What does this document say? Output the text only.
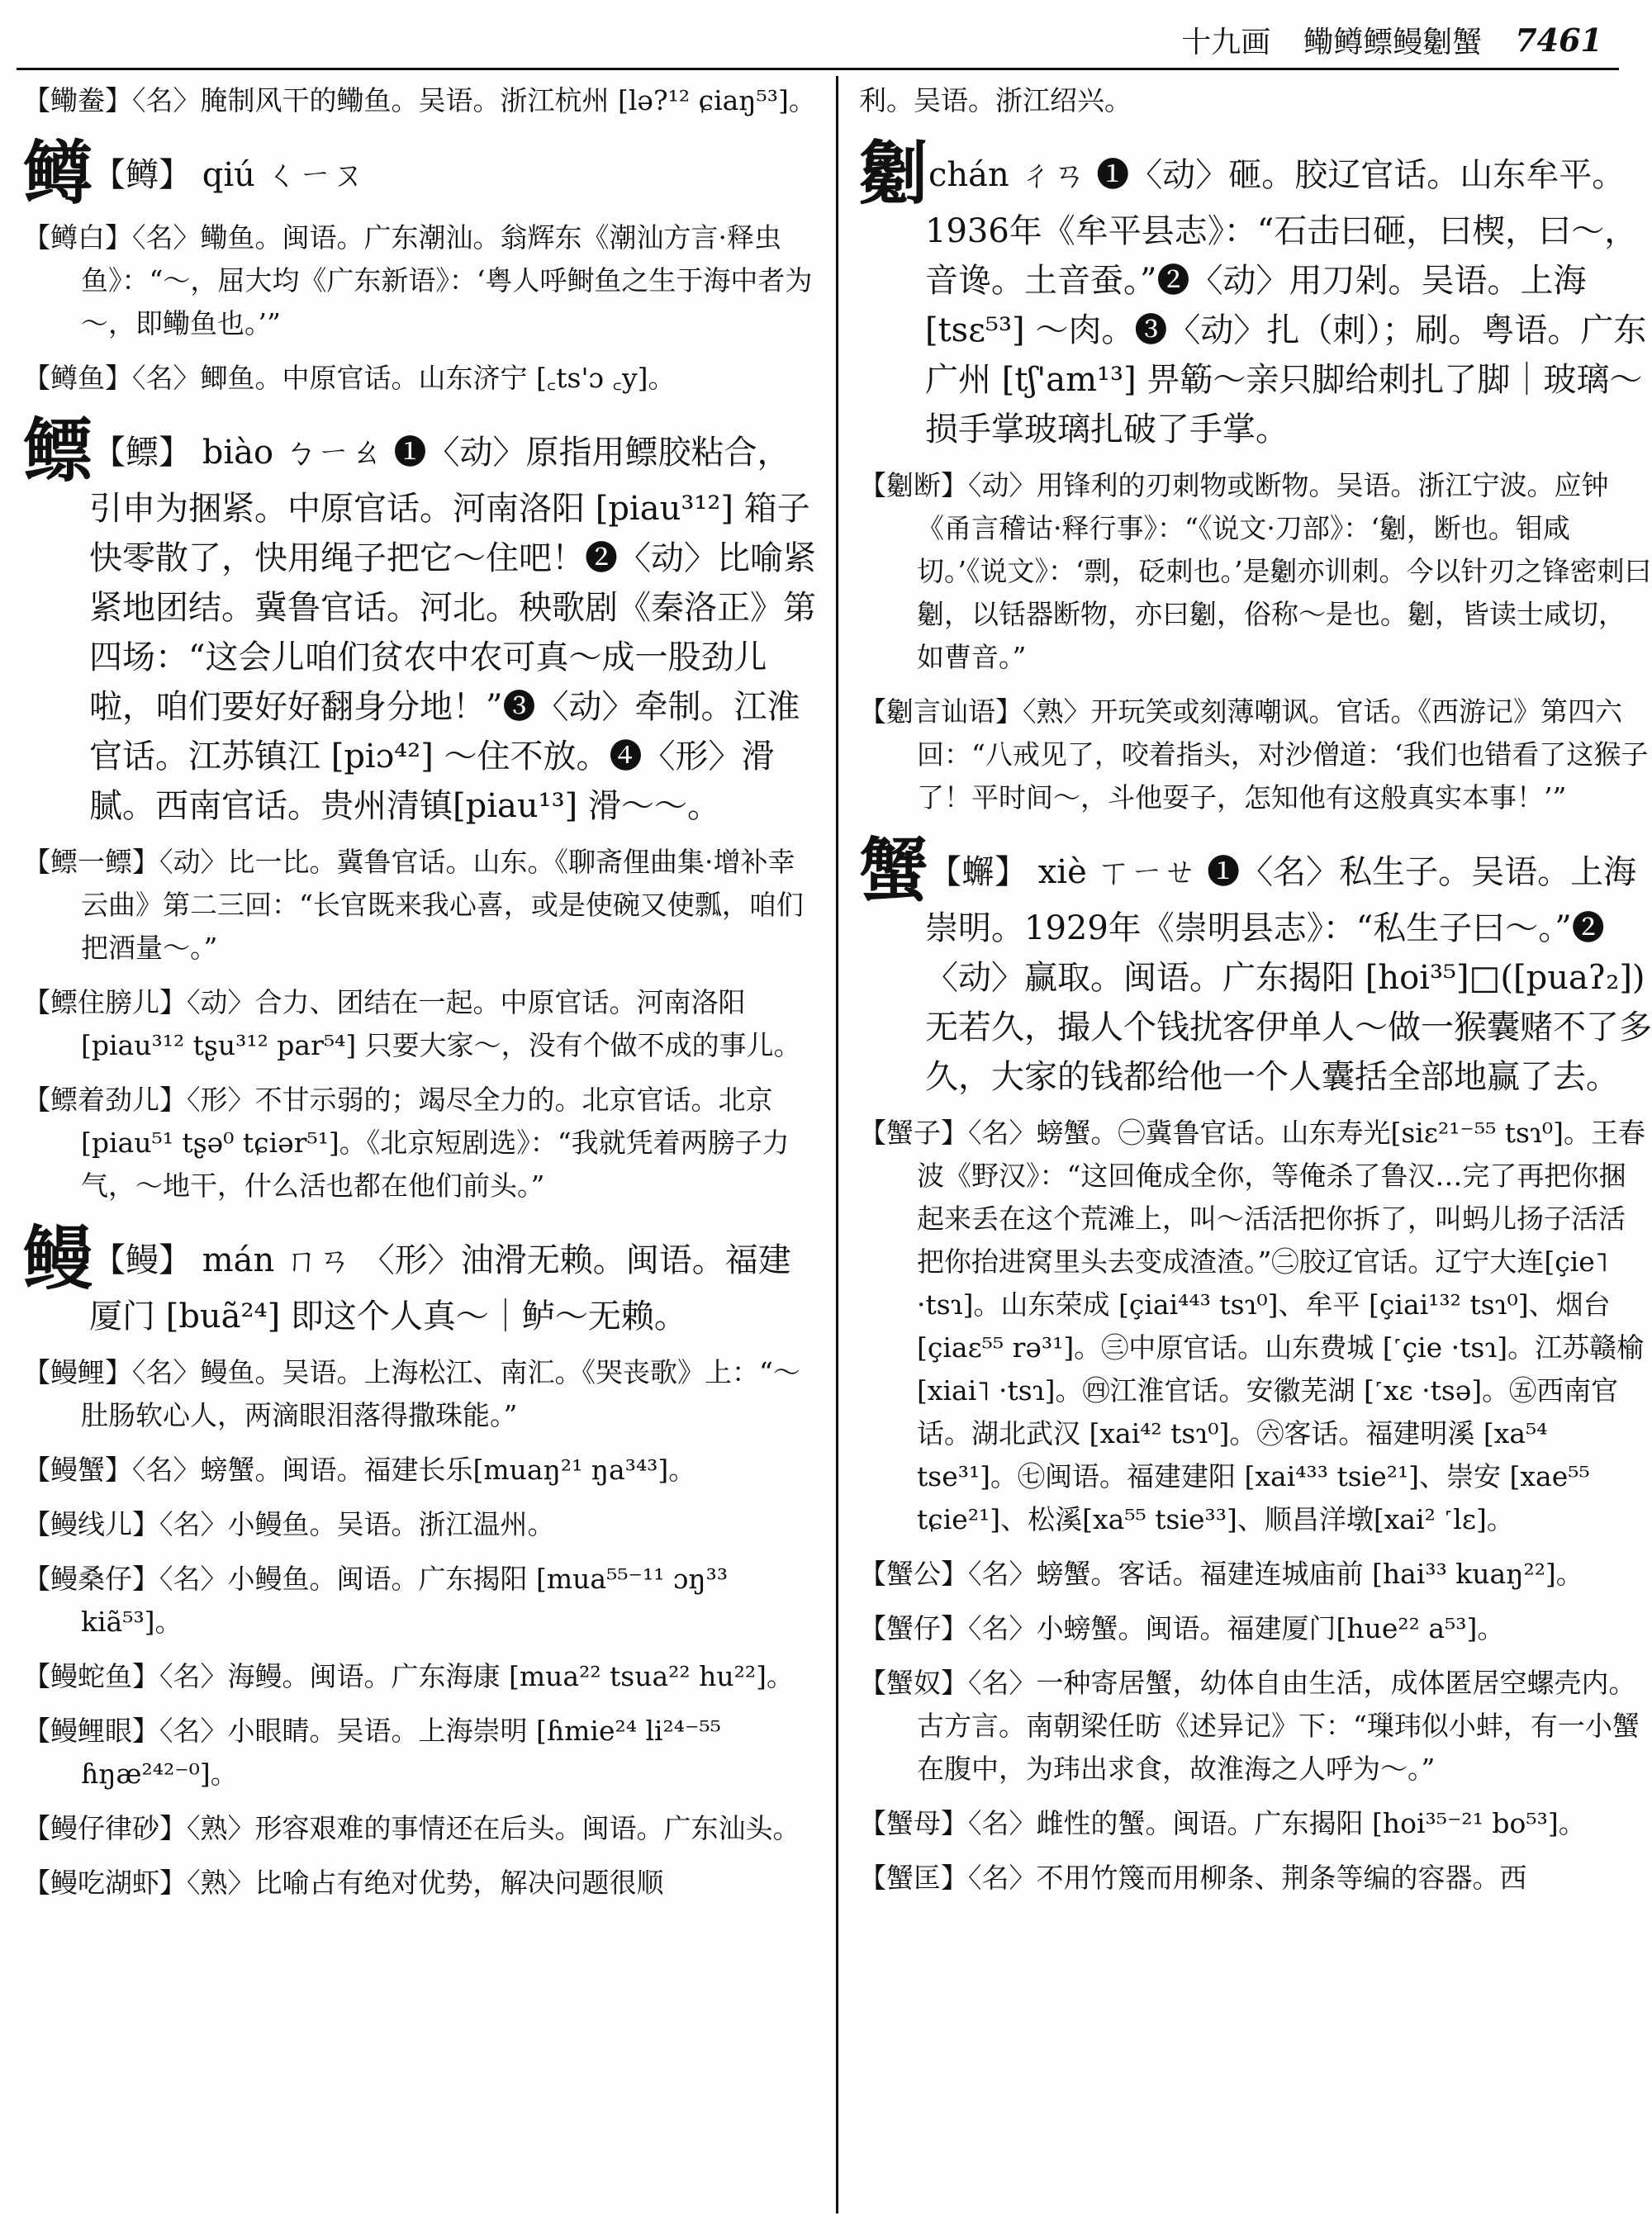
十九画 鳓鳟鳔鳗劖蟹 7461
【鳓鲞】〈名〉腌制风干的鳓鱼。吴语。浙江杭州 [lə?¹² ɕiaŋ⁵³]。
鳟【鳟】 qiú ㄑㄧㄡ
【鳟白】〈名〉鳓鱼。闽语。广东潮汕。翁辉东《潮汕方言·释虫鱼》：“～，屈大均《广东新语》：‘粤人呼鲥鱼之生于海中者为～，即鳓鱼也。’”
【鳟鱼】〈名〉鲫鱼。中原官话。山东济宁 [꜀ts'ɔ ꜀y]。
鳔【鳔】 biào ㄅㄧㄠ ❶〈动〉原指用鳔胶粘合，引申为捆紧。中原官话。河南洛阳 [piau³¹²] 箱子快零散了，快用绳子把它～住吧！❷〈动〉比喻紧紧地团结。冀鲁官话。河北。秧歌剧《秦洛正》第四场：“这会儿咱们贫农中农可真～成一股劲儿啦，咱们要好好翻身分地！”❸〈动〉牵制。江淮官话。江苏镇江 [piɔ⁴²] ～住不放。❹〈形〉滑腻。西南官话。贵州清镇[piau¹³] 滑～～。
【鳔一鳔】〈动〉比一比。冀鲁官话。山东。《聊斋俚曲集·增补幸云曲》第二三回：“长官既来我心喜，或是使碗又使瓢，咱们把酒量～。”
【鳔住膀儿】〈动〉合力、团结在一起。中原官话。河南洛阳 [piau³¹² tʂu³¹² par⁵⁴] 只要大家～，没有个做不成的事儿。
【鳔着劲儿】〈形〉不甘示弱的；竭尽全力的。北京官话。北京 [piau⁵¹ tʂə⁰ tɕiər⁵¹]。《北京短剧选》：“我就凭着两膀子力气，～地干，什么活也都在他们前头。”
鳗【鳗】 mán ㄇㄢ 〈形〉油滑无赖。闽语。福建厦门 [buã²⁴] 即这个人真～｜鲈～无赖。
【鳗鲤】〈名〉鳗鱼。吴语。上海松江、南汇。《哭丧歌》上：“～肚肠软心人，两滴眼泪落得撒珠能。”
【鳗蟹】〈名〉螃蟹。闽语。福建长乐[muaŋ²¹ ŋa³⁴³]。
【鳗线儿】〈名〉小鳗鱼。吴语。浙江温州。
【鳗桑仔】〈名〉小鳗鱼。闽语。广东揭阳 [mua⁵⁵⁻¹¹ ɔŋ³³ kiã⁵³]。
【鳗蛇鱼】〈名〉海鳗。闽语。广东海康 [mua²² tsua²² hu²²]。
【鳗鲤眼】〈名〉小眼睛。吴语。上海崇明 [ɦmie²⁴ li²⁴⁻⁵⁵ ɦŋæ²⁴²⁻⁰]。
【鳗仔律砂】〈熟〉形容艰难的事情还在后头。闽语。广东汕头。
【鳗吃湖虾】〈熟〉比喻占有绝对优势，解决问题很顺
利。吴语。浙江绍兴。
劖chán ㄔㄢ ❶〈动〉砸。胶辽官话。山东牟平。1936年《牟平县志》：“石击曰砸，曰楔，曰～，音谗。土音蚕。”❷〈动〉用刀剁。吴语。上海 [tsɛ⁵³] ～肉。❸〈动〉扎（刺）；刷。粤语。广东广州 [tʃ'am¹³] 畀簕～亲只脚给刺扎了脚｜玻璃～损手掌玻璃扎破了手掌。
【劖断】〈动〉用锋利的刃刺物或断物。吴语。浙江宁波。应钟《甬言稽诂·释行事》：“《说文·刀部》：‘劖，断也。钼咸切。’《说文》：‘剽，砭刺也。’是劖亦训刺。今以针刃之锋密刺曰劖，以铦器断物，亦曰劖，俗称～是也。劖，皆读士咸切，如曹音。”
【劖言讪语】〈熟〉开玩笑或刻薄嘲讽。官话。《西游记》第四六回：“八戒见了，咬着指头，对沙僧道：‘我们也错看了这猴子了！平时间～，斗他耍子，怎知他有这般真实本事！’”
蟹【蠏】 xiè ㄒㄧㄝ ❶〈名〉私生子。吴语。上海崇明。1929年《崇明县志》：“私生子曰～。”❷〈动〉赢取。闽语。广东揭阳 [hoi³⁵]□([puaʔ₂]) 无若久，撮人个钱扰客伊单人～做一猴囊赌不了多久，大家的钱都给他一个人囊括全部地赢了去。
【蟹子】〈名〉螃蟹。㊀冀鲁官话。山东寿光[siɛ²¹⁻⁵⁵ tsɿ⁰]。王春波《野汉》：“这回俺成全你，等俺杀了鲁汉…完了再把你捆起来丢在这个荒滩上，叫～活活把你拆了，叫蚂儿扬子活活把你抬进窝里头去变成渣渣。”㊁胶辽官话。辽宁大连[çie˥ ·tsɿ]。山东荣成 [çiai⁴⁴³ tsɿ⁰]、牟平 [çiai¹³² tsɿ⁰]、烟台 [çiaɛ⁵⁵ rə³¹]。㊂中原官话。山东费城 [˹çie ·tsɿ]。江苏赣榆 [xiai˥ ·tsɿ]。㊃江淮官话。安徽芜湖 [˹xɛ ·tsə]。㊄西南官话。湖北武汉 [xai⁴² tsɿ⁰]。㊅客话。福建明溪 [xa⁵⁴ tse³¹]。㊆闽语。福建建阳 [xai⁴³³ tsie²¹]、崇安 [xae⁵⁵ tɕie²¹]、松溪[xa⁵⁵ tsie³³]、顺昌洋墩[xai² ˹lɛ]。
【蟹公】〈名〉螃蟹。客话。福建连城庙前 [hai³³ kuaŋ²²]。
【蟹仔】〈名〉小螃蟹。闽语。福建厦门[hue²² a⁵³]。
【蟹奴】〈名〉一种寄居蟹，幼体自由生活，成体匿居空螺壳内。古方言。南朝梁任昉《述异记》下：“璅玮似小蚌，有一小蟹在腹中，为玮出求食，故淮海之人呼为～。”
【蟹母】〈名〉雌性的蟹。闽语。广东揭阳 [hoi³⁵⁻²¹ bo⁵³]。
【蟹匡】〈名〉不用竹篾而用柳条、荆条等编的容器。西
